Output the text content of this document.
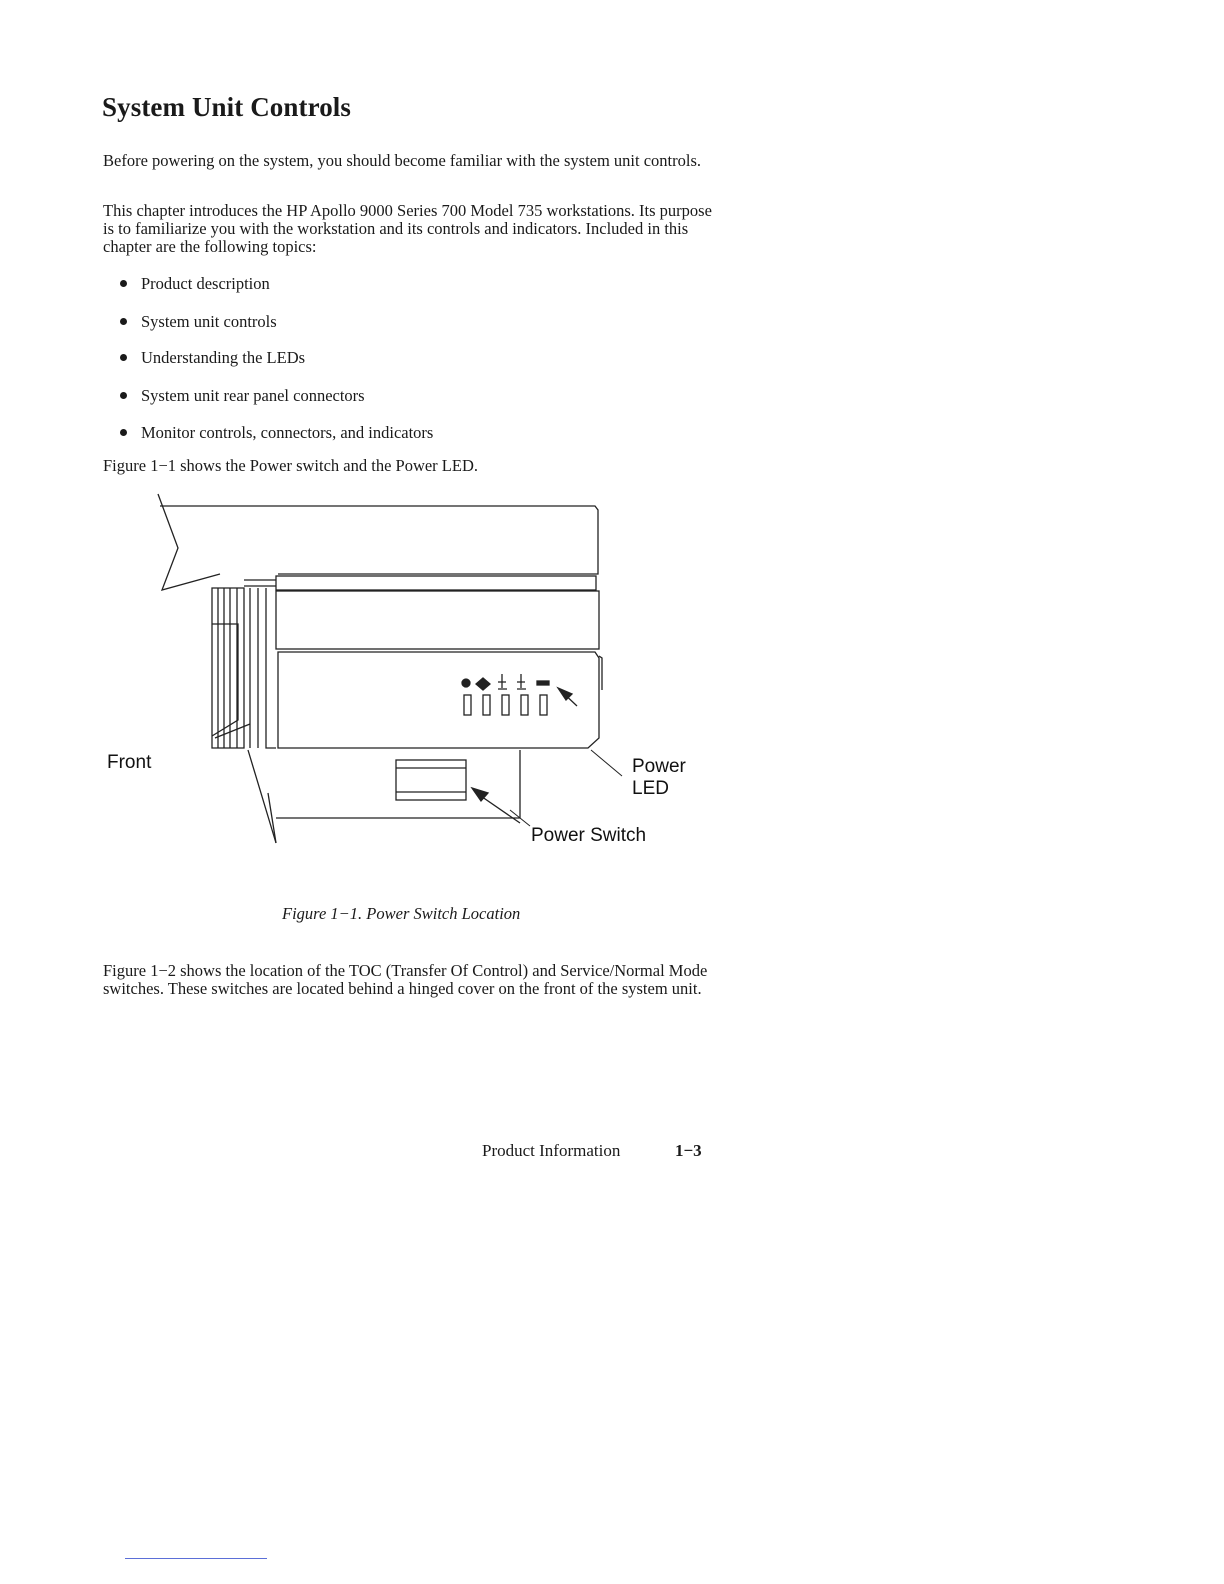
System Unit Controls

Before powering on the system, you should become familiar with the system unit controls.

This chapter introduces the HP Apollo 9000 Series 700 Model 735 workstations. Its purpose is to familiarize you with the workstation and its controls and indicators. Included in this chapter are the following topics:

Product description
System unit controls
Understanding the LEDs
System unit rear panel connectors
Monitor controls, connectors, and indicators

Figure 1−1 shows the Power switch and the Power LED.

Front	Power
LED
Power Switch

Figure 1−1. Power Switch Location

Figure 1−2 shows the location of the TOC (Transfer Of Control) and Service/Normal Mode switches. These switches are located behind a hinged cover on the front of the system unit.

Product Information	1−3
